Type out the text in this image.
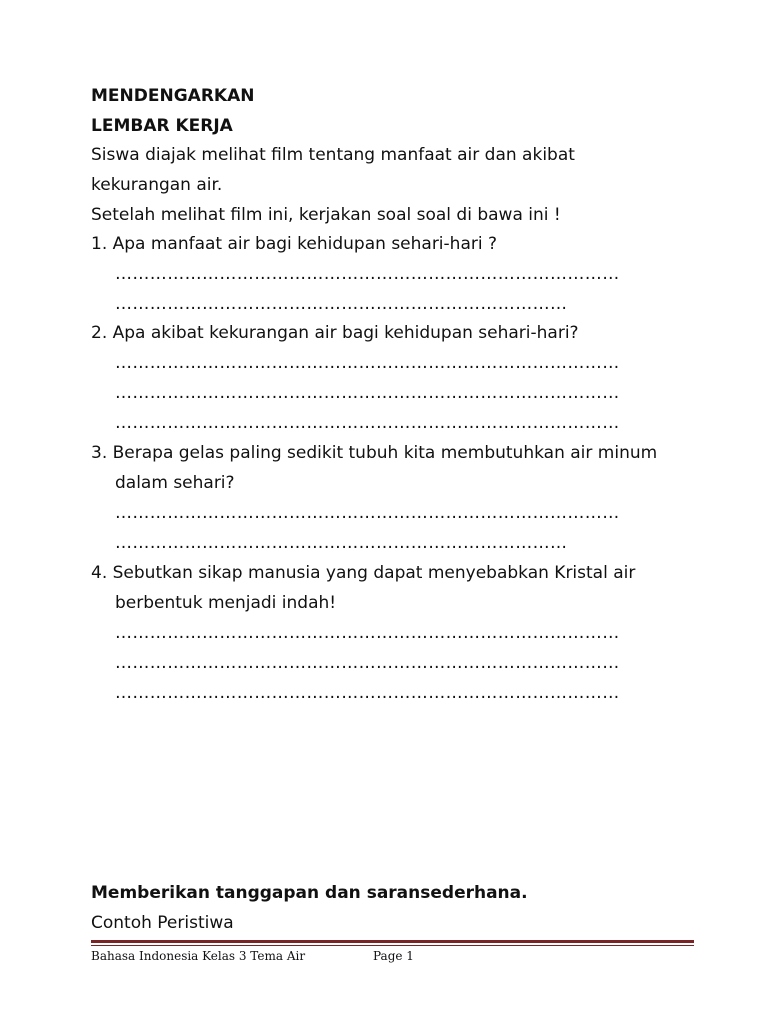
MENDENGARKAN
LEMBAR KERJA
Siswa diajak melihat film tentang manfaat air dan akibat
kekurangan air.
Setelah melihat film ini, kerjakan soal soal di bawa ini !
1. Apa manfaat air bagi kehidupan sehari-hari ?
……………………………………………………………………………
……………………………………………………………………
2. Apa akibat kekurangan air bagi kehidupan sehari-hari?
……………………………………………………………………………
……………………………………………………………………………
……………………………………………………………………………
3. Berapa gelas paling sedikit tubuh kita membutuhkan air minum
dalam sehari?
……………………………………………………………………………
……………………………………………………………………
4. Sebutkan sikap manusia yang dapat menyebabkan Kristal air
berbentuk menjadi indah!
……………………………………………………………………………
……………………………………………………………………………
……………………………………………………………………………
Memberikan tanggapan dan saransederhana.
Contoh Peristiwa
Bahasa Indonesia Kelas 3 Tema Air	Page 1
